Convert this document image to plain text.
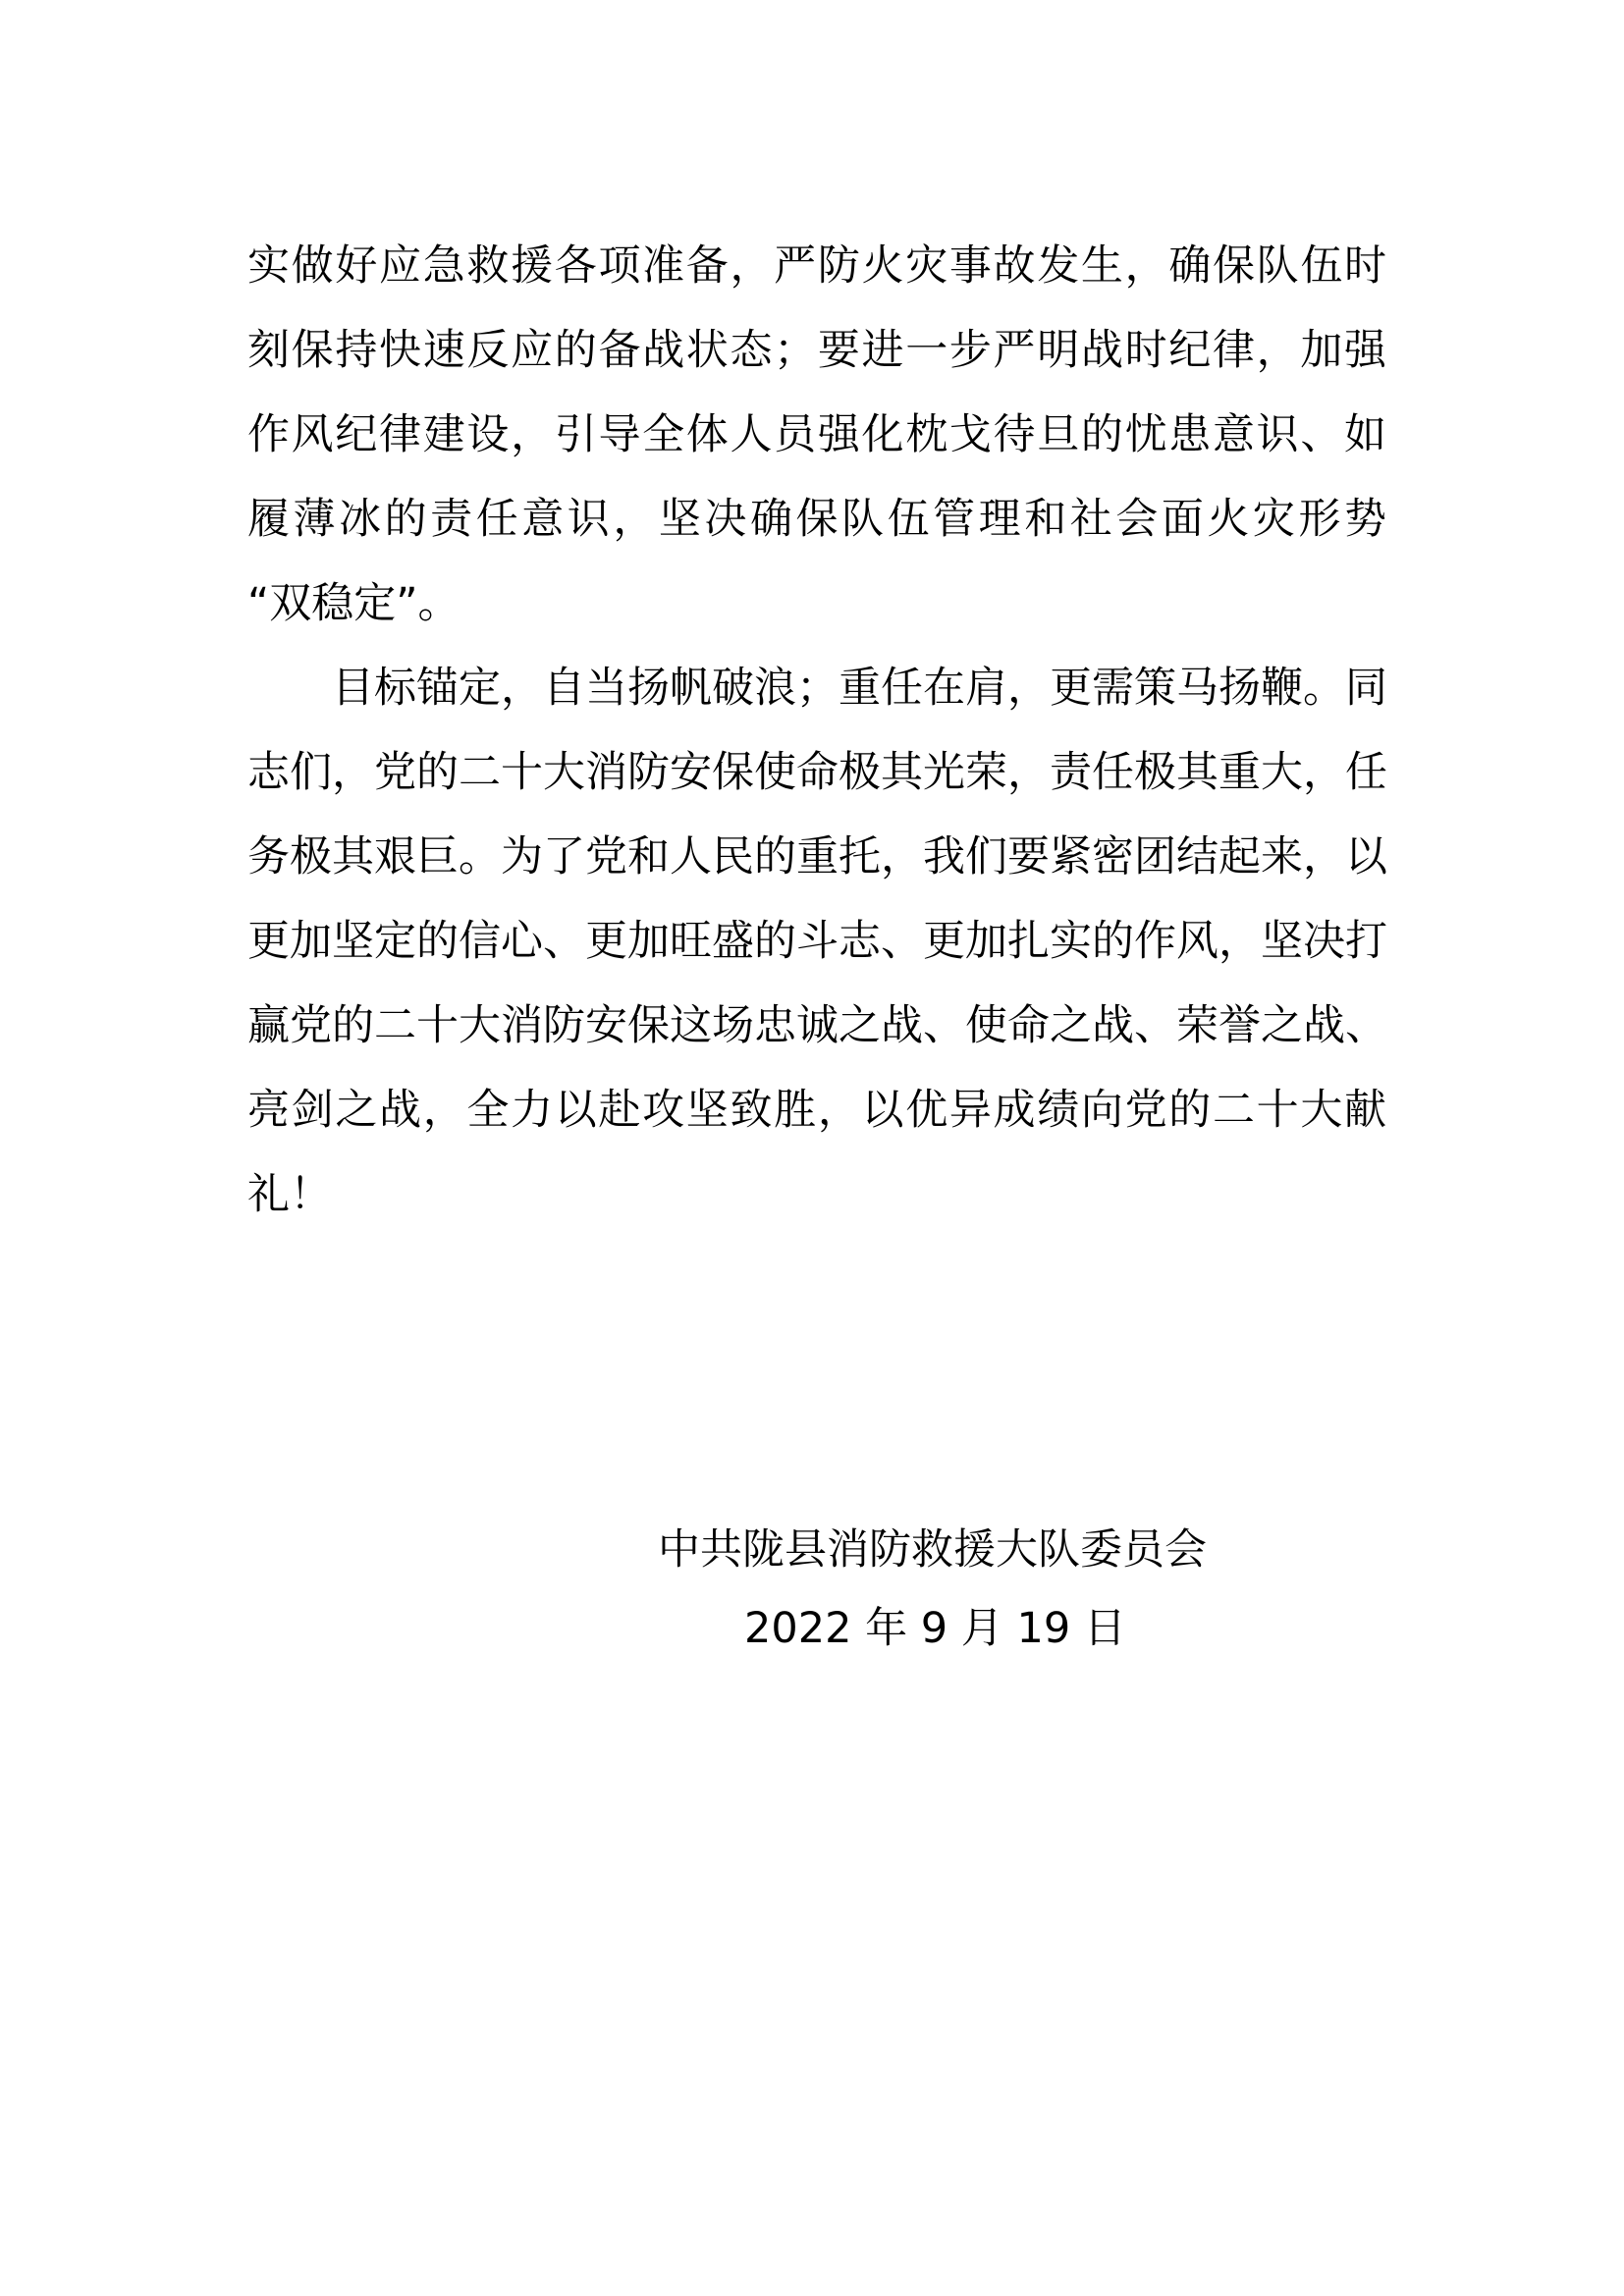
实做好应急救援各项准备，严防火灾事故发生，确保队伍时
刻保持快速反应的备战状态；要进一步严明战时纪律，加强
作风纪律建设，引导全体人员强化枕戈待旦的忧患意识、如
履薄冰的责任意识，坚决确保队伍管理和社会面火灾形势
“双稳定”。
目标锚定，自当扬帆破浪；重任在肩，更需策马扬鞭。同
志们，党的二十大消防安保使命极其光荣，责任极其重大，任
务极其艰巨。为了党和人民的重托，我们要紧密团结起来，以
更加坚定的信心、更加旺盛的斗志、更加扎实的作风，坚决打
赢党的二十大消防安保这场忠诚之战、使命之战、荣誉之战、
亮剑之战，全力以赴攻坚致胜，以优异成绩向党的二十大献
礼！
中共陇县消防救援大队委员会
2022 年 9 月 19 日
